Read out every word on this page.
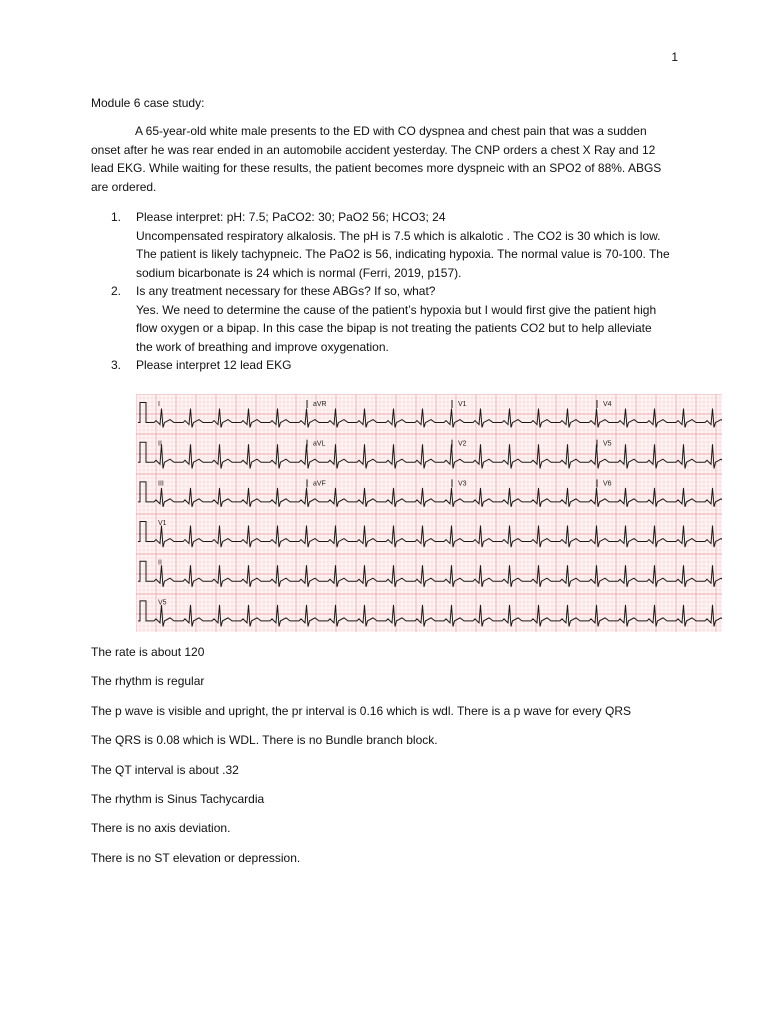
1
Module 6 case study:

A 65-year-old white male presents to the ED with CO dyspnea and chest pain that was a sudden onset after he was rear ended in an automobile accident yesterday. The CNP orders a chest X Ray and 12 lead EKG. While waiting for these results, the patient becomes more dyspneic with an SPO2 of 88%. ABGS are ordered.

1. Please interpret: pH: 7.5; PaCO2: 30; PaO2 56; HCO3; 24
Uncompensated respiratory alkalosis. The pH is 7.5 which is alkalotic . The CO2 is 30 which is low. The patient is likely tachypneic. The PaO2 is 56, indicating hypoxia. The normal value is 70-100. The sodium bicarbonate is 24 which is normal (Ferri, 2019, p157).
2. Is any treatment necessary for these ABGs? If so, what?
Yes. We need to determine the cause of the patient’s hypoxia but I would first give the patient high flow oxygen or a bipap. In this case the bipap is not treating the patients CO2 but to help alleviate the work of breathing and improve oxygenation.
3. Please interpret 12 lead EKG
I	aVR	V1	V4
II	aVL	V2	V5
III	aVF	V3	V6
V1
II
V5
The rate is about 120
The rhythm is regular
The p wave is visible and upright, the pr interval is 0.16 which is wdl. There is a p wave for every QRS
The QRS is 0.08 which is WDL. There is no Bundle branch block.
The QT interval is about .32
The rhythm is Sinus Tachycardia
There is no axis deviation.
There is no ST elevation or depression.
